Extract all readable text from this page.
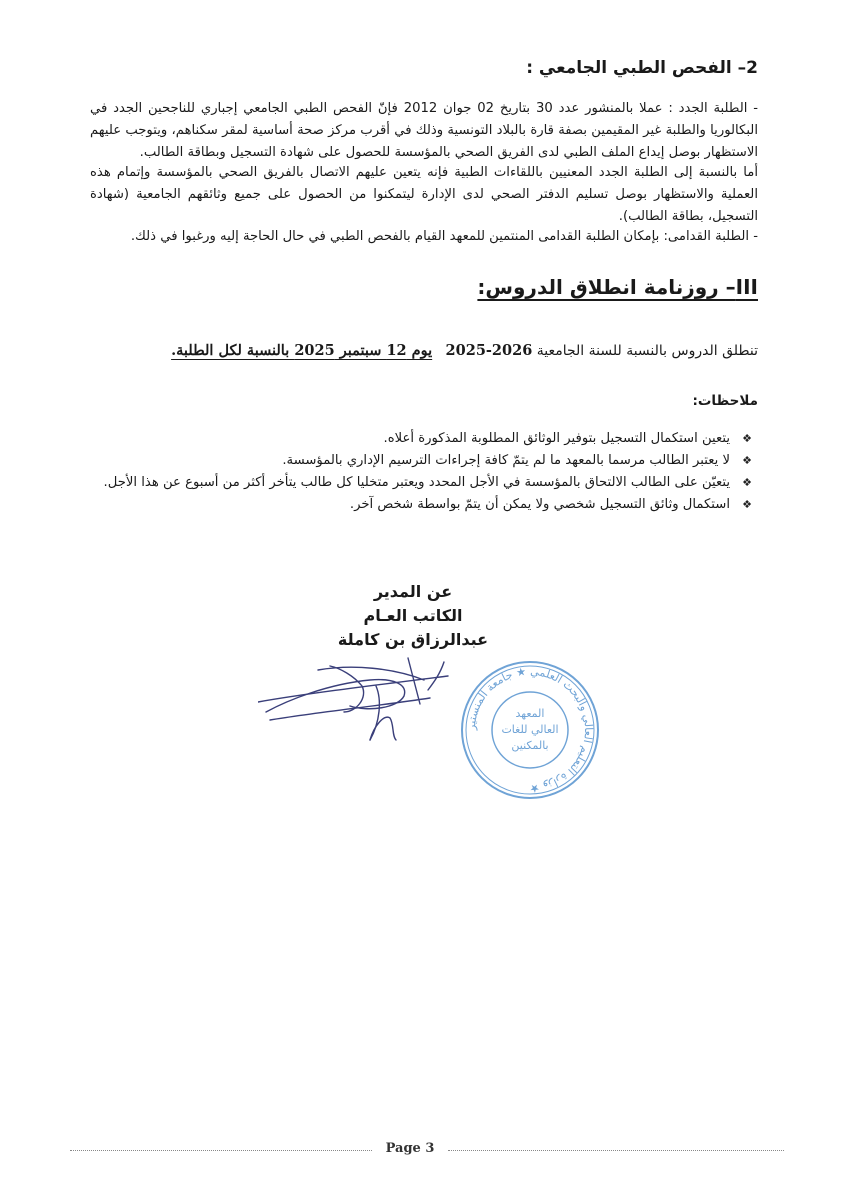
2– الفحص الطبي الجامعي :
- الطلبة الجدد : عملا بالمنشور عدد 30 بتاريخ 02 جوان 2012 فإنّ الفحص الطبي الجامعي إجباري للناجحين الجدد في البكالوريا والطلبة غير المقيمين بصفة قارة بالبلاد التونسية وذلك في أقرب مركز صحة أساسية لمقر سكناهم، ويتوجب عليهم الاستظهار بوصل إيداع الملف الطبي لدى الفريق الصحي بالمؤسسة للحصول على شهادة التسجيل وبطاقة الطالب.
أما بالنسبة إلى الطلبة الجدد المعنيين باللقاءات الطبية فإنه يتعين عليهم الاتصال بالفريق الصحي بالمؤسسة وإتمام هذه العملية والاستظهار بوصل تسليم الدفتر الصحي لدى الإدارة ليتمكنوا من الحصول على جميع وثائقهم الجامعية (شهادة التسجيل، بطاقة الطالب).
- الطلبة القدامى: بإمكان الطلبة القدامى المنتمين للمعهد القيام بالفحص الطبي في حال الحاجة إليه ورغبوا في ذلك.
III– روزنامة انطلاق الدروس:
تنطلق الدروس بالنسبة للسنة الجامعية 2025-2026   يوم 12 سبتمبر 2025 بالنسبة لكل الطلبة.
ملاحظات:
❖
يتعين استكمال التسجيل بتوفير الوثائق المطلوبة المذكورة أعلاه.
❖
لا يعتبر الطالب مرسما بالمعهد ما لم يتمّ كافة إجراءات الترسيم الإداري بالمؤسسة.
❖
يتعيّن على الطالب الالتحاق بالمؤسسة في الأجل المحدد ويعتبر متخليا كل طالب يتأخر أكثر من أسبوع عن هذا الأجل.
❖
استكمال وثائق التسجيل شخصي ولا يمكن أن يتمّ بواسطة شخص آخر.
عن المدير
الكاتب العـام
عبدالرزاق بن كاملة
وزارة التعليم العالي والبحث العلمي ★ جامعة المنستير ★
المعهد
العالي للغات
بالمكنين
Page 3
